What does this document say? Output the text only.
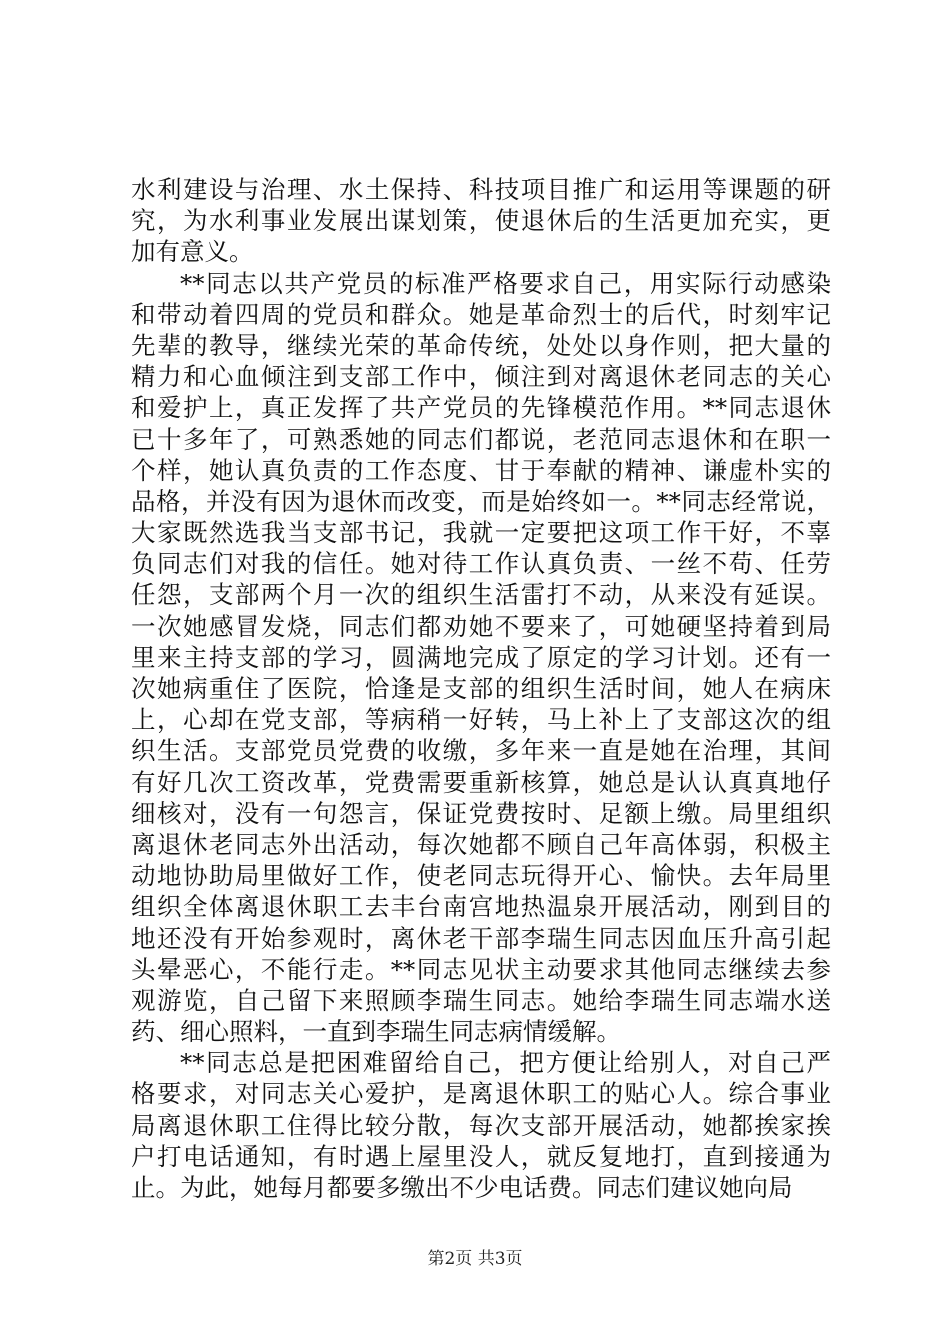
水利建设与治理、水土保持、科技项目推广和运用等课题的研
究，为水利事业发展出谋划策，使退休后的生活更加充实，更
加有意义。
**同志以共产党员的标准严格要求自己，用实际行动感染
和带动着四周的党员和群众。她是革命烈士的后代，时刻牢记
先辈的教导，继续光荣的革命传统，处处以身作则，把大量的
精力和心血倾注到支部工作中，倾注到对离退休老同志的关心
和爱护上，真正发挥了共产党员的先锋模范作用。**同志退休
已十多年了，可熟悉她的同志们都说，老范同志退休和在职一
个样，她认真负责的工作态度、甘于奉献的精神、谦虚朴实的
品格，并没有因为退休而改变，而是始终如一。**同志经常说，
大家既然选我当支部书记，我就一定要把这项工作干好，不辜
负同志们对我的信任。她对待工作认真负责、一丝不苟、任劳
任怨，支部两个月一次的组织生活雷打不动，从来没有延误。
一次她感冒发烧，同志们都劝她不要来了，可她硬坚持着到局
里来主持支部的学习，圆满地完成了原定的学习计划。还有一
次她病重住了医院，恰逢是支部的组织生活时间，她人在病床
上，心却在党支部，等病稍一好转，马上补上了支部这次的组
织生活。支部党员党费的收缴，多年来一直是她在治理，其间
有好几次工资改革，党费需要重新核算，她总是认认真真地仔
细核对，没有一句怨言，保证党费按时、足额上缴。局里组织
离退休老同志外出活动，每次她都不顾自己年高体弱，积极主
动地协助局里做好工作，使老同志玩得开心、愉快。去年局里
组织全体离退休职工去丰台南宫地热温泉开展活动，刚到目的
地还没有开始参观时，离休老干部李瑞生同志因血压升高引起
头晕恶心，不能行走。**同志见状主动要求其他同志继续去参
观游览，自己留下来照顾李瑞生同志。她给李瑞生同志端水送
药、细心照料，一直到李瑞生同志病情缓解。
**同志总是把困难留给自己，把方便让给别人，对自己严
格要求，对同志关心爱护，是离退休职工的贴心人。综合事业
局离退休职工住得比较分散，每次支部开展活动，她都挨家挨
户打电话通知，有时遇上屋里没人，就反复地打，直到接通为
止。为此，她每月都要多缴出不少电话费。同志们建议她向局
第2页 共3页
